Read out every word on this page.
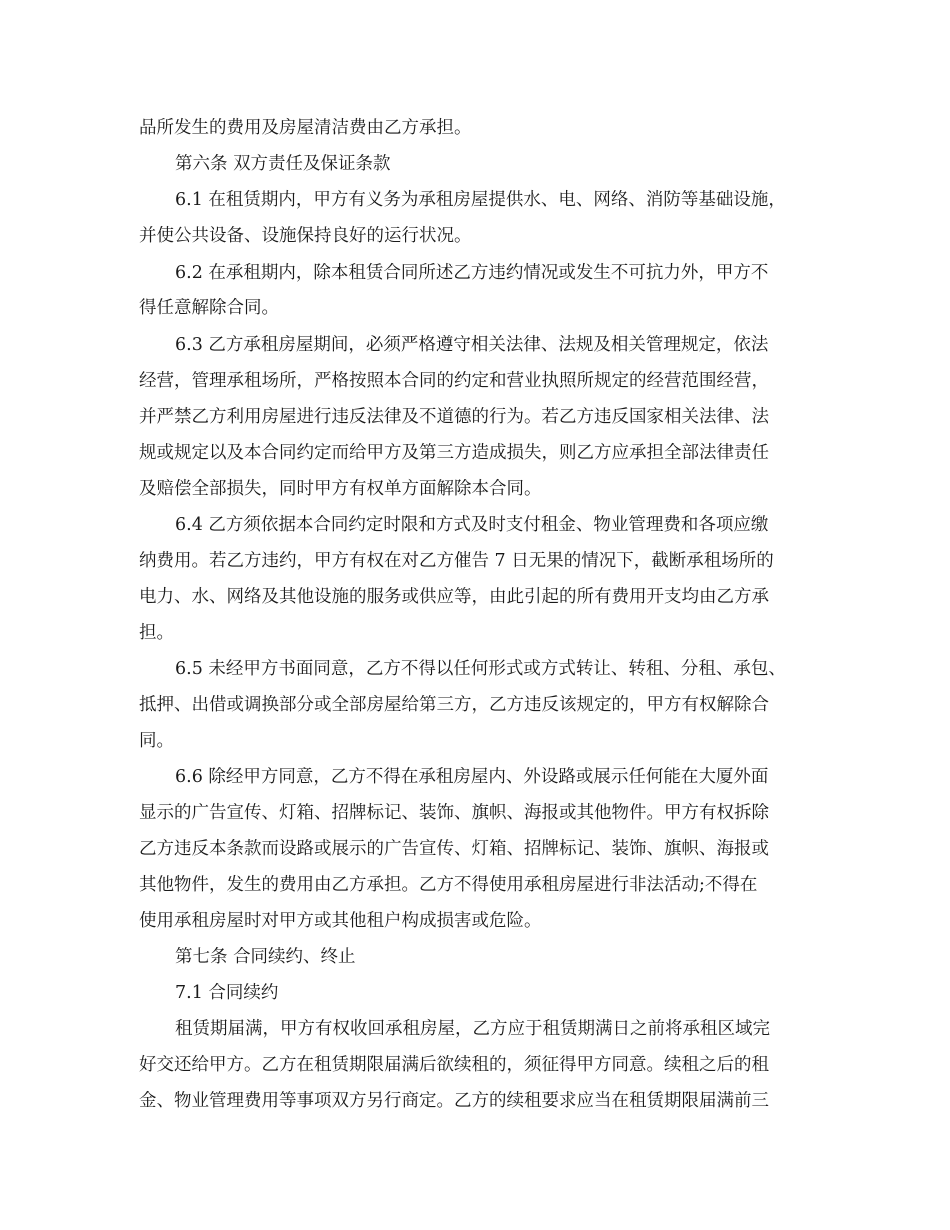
品所发生的费用及房屋清洁费由乙方承担。
第六条 双方责任及保证条款
6.1 在租赁期内，甲方有义务为承租房屋提供水、电、网络、消防等基础设施，
并使公共设备、设施保持良好的运行状况。
6.2 在承租期内，除本租赁合同所述乙方违约情况或发生不可抗力外，甲方不
得任意解除合同。
6.3 乙方承租房屋期间，必须严格遵守相关法律、法规及相关管理规定，依法
经营，管理承租场所，严格按照本合同的约定和营业执照所规定的经营范围经营，
并严禁乙方利用房屋进行违反法律及不道德的行为。若乙方违反国家相关法律、法
规或规定以及本合同约定而给甲方及第三方造成损失，则乙方应承担全部法律责任
及赔偿全部损失，同时甲方有权单方面解除本合同。
6.4 乙方须依据本合同约定时限和方式及时支付租金、物业管理费和各项应缴
纳费用。若乙方违约，甲方有权在对乙方催告 7 日无果的情况下，截断承租场所的
电力、水、网络及其他设施的服务或供应等，由此引起的所有费用开支均由乙方承
担。
6.5 未经甲方书面同意，乙方不得以任何形式或方式转让、转租、分租、承包、
抵押、出借或调换部分或全部房屋给第三方，乙方违反该规定的，甲方有权解除合
同。
6.6 除经甲方同意，乙方不得在承租房屋内、外设路或展示任何能在大厦外面
显示的广告宣传、灯箱、招牌标记、装饰、旗帜、海报或其他物件。甲方有权拆除
乙方违反本条款而设路或展示的广告宣传、灯箱、招牌标记、装饰、旗帜、海报或
其他物件，发生的费用由乙方承担。乙方不得使用承租房屋进行非法活动;不得在
使用承租房屋时对甲方或其他租户构成损害或危险。
第七条 合同续约、终止
7.1 合同续约
租赁期届满，甲方有权收回承租房屋，乙方应于租赁期满日之前将承租区域完
好交还给甲方。乙方在租赁期限届满后欲续租的，须征得甲方同意。续租之后的租
金、物业管理费用等事项双方另行商定。乙方的续租要求应当在租赁期限届满前三
